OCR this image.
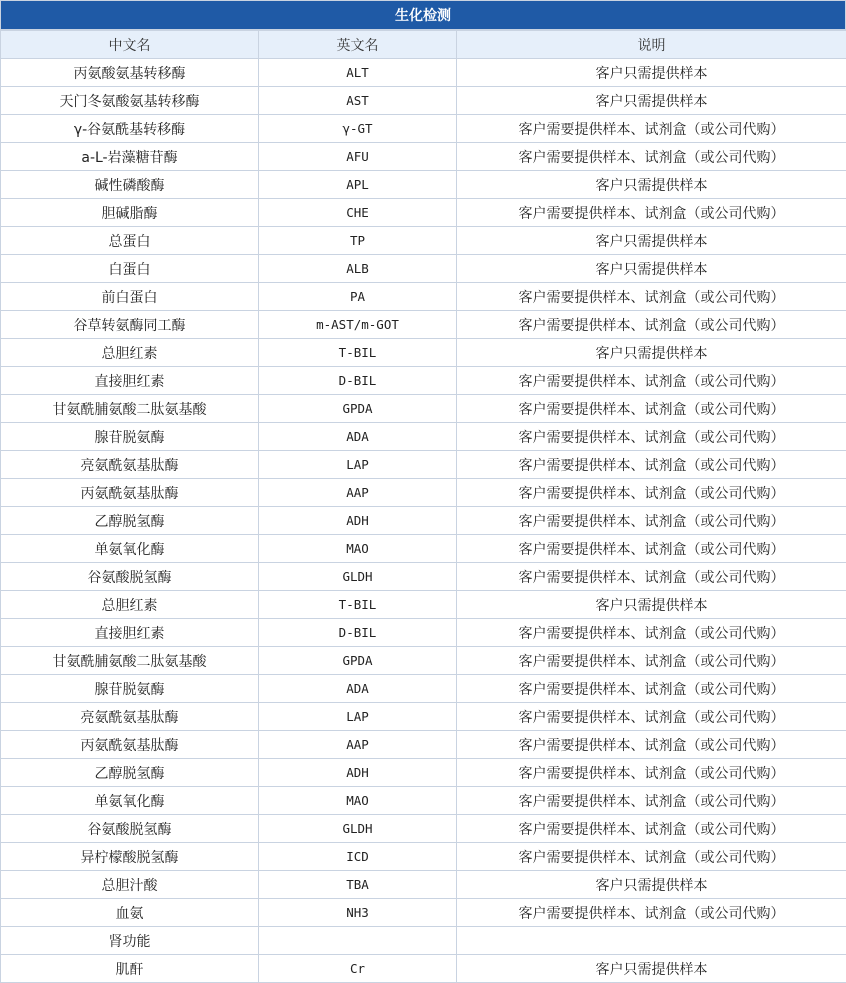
生化检测
中文名	英文名	说明
丙氨酸氨基转移酶	ALT	客户只需提供样本
天门冬氨酸氨基转移酶	AST	客户只需提供样本
γ-谷氨酰基转移酶	γ-GT	客户需要提供样本、试剂盒（或公司代购）
a-L-岩藻糖苷酶	AFU	客户需要提供样本、试剂盒（或公司代购）
碱性磷酸酶	APL	客户只需提供样本
胆碱脂酶	CHE	客户需要提供样本、试剂盒（或公司代购）
总蛋白	TP	客户只需提供样本
白蛋白	ALB	客户只需提供样本
前白蛋白	PA	客户需要提供样本、试剂盒（或公司代购）
谷草转氨酶同工酶	m-AST/m-GOT	客户需要提供样本、试剂盒（或公司代购）
总胆红素	T-BIL	客户只需提供样本
直接胆红素	D-BIL	客户需要提供样本、试剂盒（或公司代购）
甘氨酰脯氨酸二肽氨基酸	GPDA	客户需要提供样本、试剂盒（或公司代购）
腺苷脱氨酶	ADA	客户需要提供样本、试剂盒（或公司代购）
亮氨酰氨基肽酶	LAP	客户需要提供样本、试剂盒（或公司代购）
丙氨酰氨基肽酶	AAP	客户需要提供样本、试剂盒（或公司代购）
乙醇脱氢酶	ADH	客户需要提供样本、试剂盒（或公司代购）
单氨氧化酶	MAO	客户需要提供样本、试剂盒（或公司代购）
谷氨酸脱氢酶	GLDH	客户需要提供样本、试剂盒（或公司代购）
总胆红素	T-BIL	客户只需提供样本
直接胆红素	D-BIL	客户需要提供样本、试剂盒（或公司代购）
甘氨酰脯氨酸二肽氨基酸	GPDA	客户需要提供样本、试剂盒（或公司代购）
腺苷脱氨酶	ADA	客户需要提供样本、试剂盒（或公司代购）
亮氨酰氨基肽酶	LAP	客户需要提供样本、试剂盒（或公司代购）
丙氨酰氨基肽酶	AAP	客户需要提供样本、试剂盒（或公司代购）
乙醇脱氢酶	ADH	客户需要提供样本、试剂盒（或公司代购）
单氨氧化酶	MAO	客户需要提供样本、试剂盒（或公司代购）
谷氨酸脱氢酶	GLDH	客户需要提供样本、试剂盒（或公司代购）
异柠檬酸脱氢酶	ICD	客户需要提供样本、试剂盒（或公司代购）
总胆汁酸	TBA	客户只需提供样本
血氨	NH3	客户需要提供样本、试剂盒（或公司代购）
肾功能		
肌酐	Cr	客户只需提供样本
